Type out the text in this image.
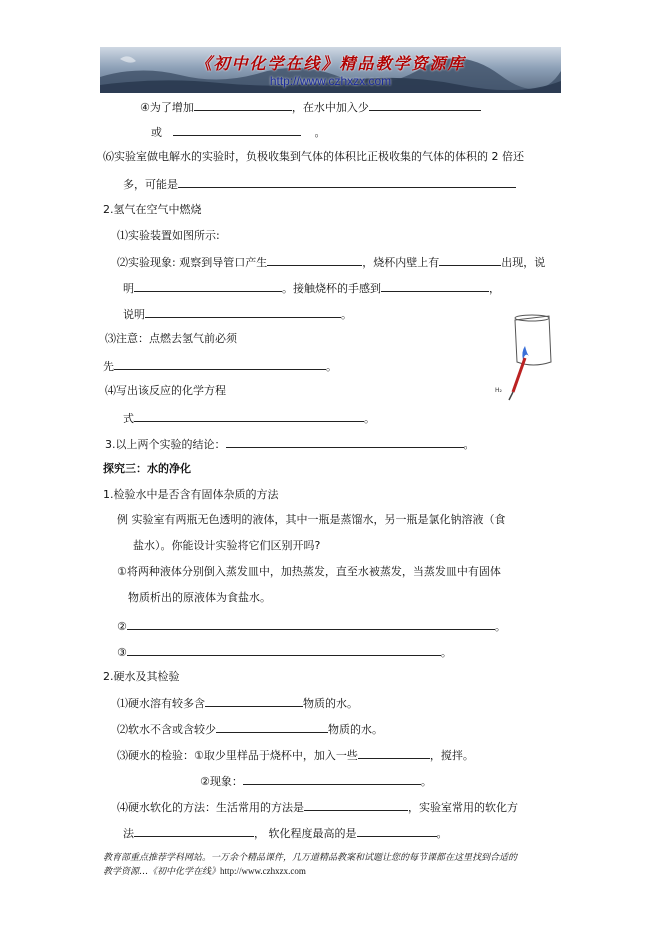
《初中化学在线》精品教学资源库
http://www.czhxzx.com
④为了增加	，在水中加入少
或	。
⑹实验室做电解水的实验时，负极收集到气体的体积比正极收集的气体的体积的 2 倍还
多，可能是
2.氢气在空气中燃烧
⑴实验装置如图所示:
⑵实验现象: 观察到导管口产生	，烧杯内壁上有	出现，说
明	。接触烧杯的手感到	，
说明	。
⑶注意：点燃去氢气前必须
先	。
⑷写出该反应的化学方程
式	。
3.以上两个实验的结论：	。
探究三：水的净化
1.检验水中是否含有固体杂质的方法
例 实验室有两瓶无色透明的液体，其中一瓶是蒸馏水，另一瓶是氯化钠溶液（食
盐水）。你能设计实验将它们区别开吗?
①将两种液体分别倒入蒸发皿中，加热蒸发，直至水被蒸发，当蒸发皿中有固体
物质析出的原液体为食盐水。
②	。
③	。
2.硬水及其检验
⑴硬水溶有较多含	物质的水。
⑵软水不含或含较少	物质的水。
⑶硬水的检验：①取少里样品于烧杯中，加入一些	，搅拌。
②现象：	。
⑷硬水软化的方法：生活常用的方法是	，实验室常用的软化方
法	， 软化程度最高的是	。
H₂
教育部重点推荐学科网站。一万余个精品课件，几万道精品教案和试题让您的每节课都在这里找到合适的
教学资源…《初中化学在线》http://www.czhxzx.com
